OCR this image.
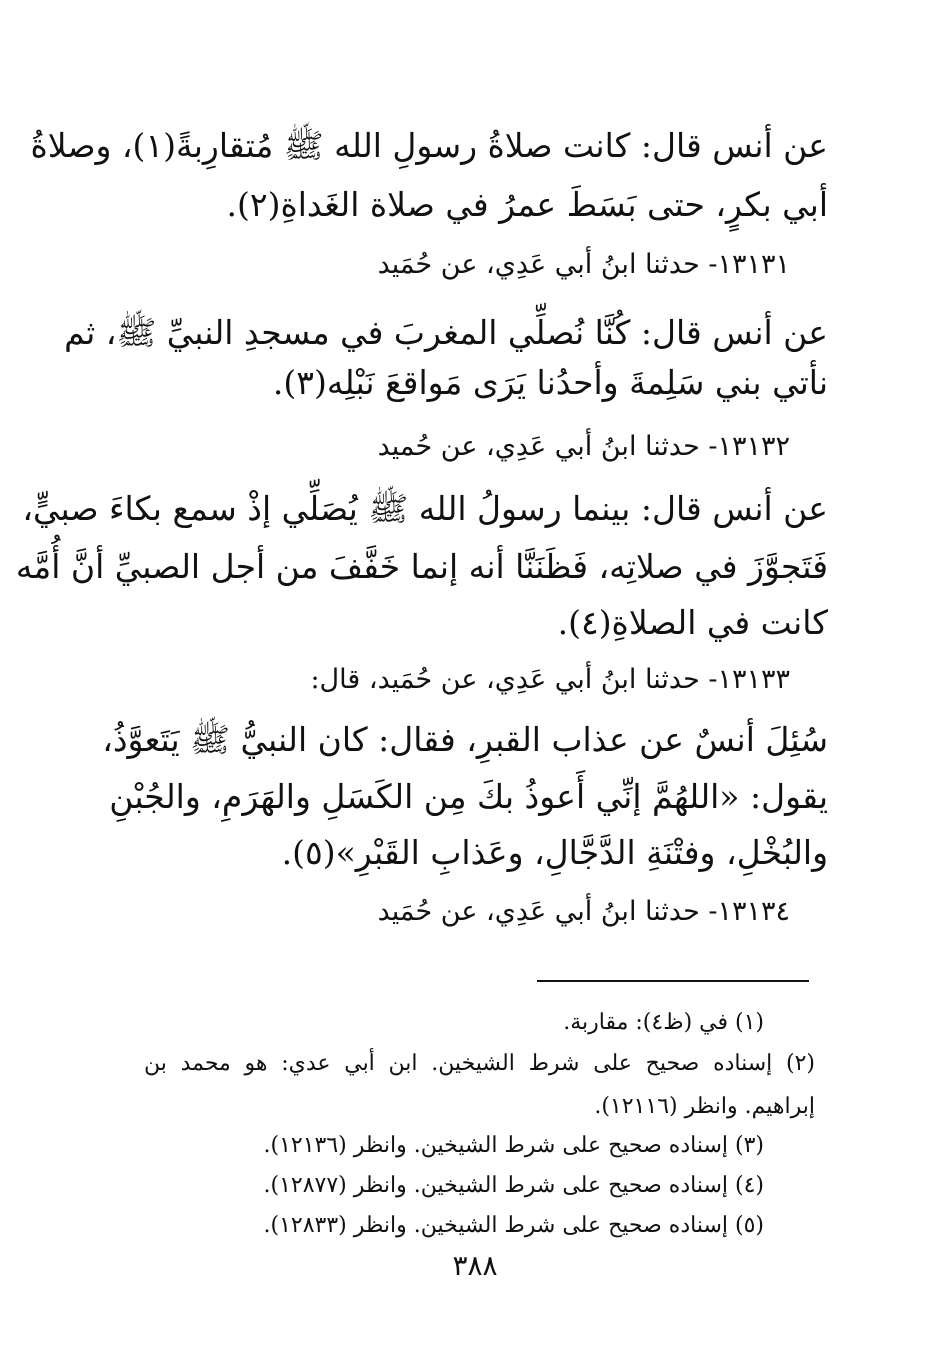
عن أنس قال: كانت صلاةُ رسولِ الله ﷺ مُتقارِبةً(١)، وصلاةُ
أبي بكرٍ، حتى بَسَطَ عمرُ في صلاة الغَداةِ(٢).
١٣١٣١- حدثنا ابنُ أبي عَدِي، عن حُمَيد
عن أنس قال: كُنَّا نُصلِّي المغربَ في مسجدِ النبيِّ ﷺ، ثم
نأتي بني سَلِمةَ وأحدُنا يَرَى مَواقعَ نَبْلِه(٣).
١٣١٣٢- حدثنا ابنُ أبي عَدِي، عن حُميد
عن أنس قال: بينما رسولُ الله ﷺ يُصَلِّي إذْ سمع بكاءَ صبيٍّ،
فَتَجوَّزَ في صلاتِه، فَظَنَنَّا أنه إنما خَفَّفَ من أجل الصبيِّ أنَّ أُمَّه
كانت في الصلاةِ(٤).
١٣١٣٣- حدثنا ابنُ أبي عَدِي، عن حُمَيد، قال:
سُئِلَ أنسٌ عن عذاب القبرِ، فقال: كان النبيُّ ﷺ يَتَعوَّذُ،
يقول: «اللهُمَّ إنِّي أَعوذُ بكَ مِن الكَسَلِ والهَرَمِ، والجُبْنِ
والبُخْلِ، وفتْنَةِ الدَّجَّالِ، وعَذابِ القَبْرِ»(٥).
١٣١٣٤- حدثنا ابنُ أبي عَدِي، عن حُمَيد
(١) في (ظ٤): مقاربة.
(٢) إسناده صحيح على شرط الشيخين. ابن أبي عدي: هو محمد بن
إبراهيم. وانظر (١٢١١٦).
(٣) إسناده صحيح على شرط الشيخين. وانظر (١٢١٣٦).
(٤) إسناده صحيح على شرط الشيخين. وانظر (١٢٨٧٧).
(٥) إسناده صحيح على شرط الشيخين. وانظر (١٢٨٣٣).
٣٨٨
